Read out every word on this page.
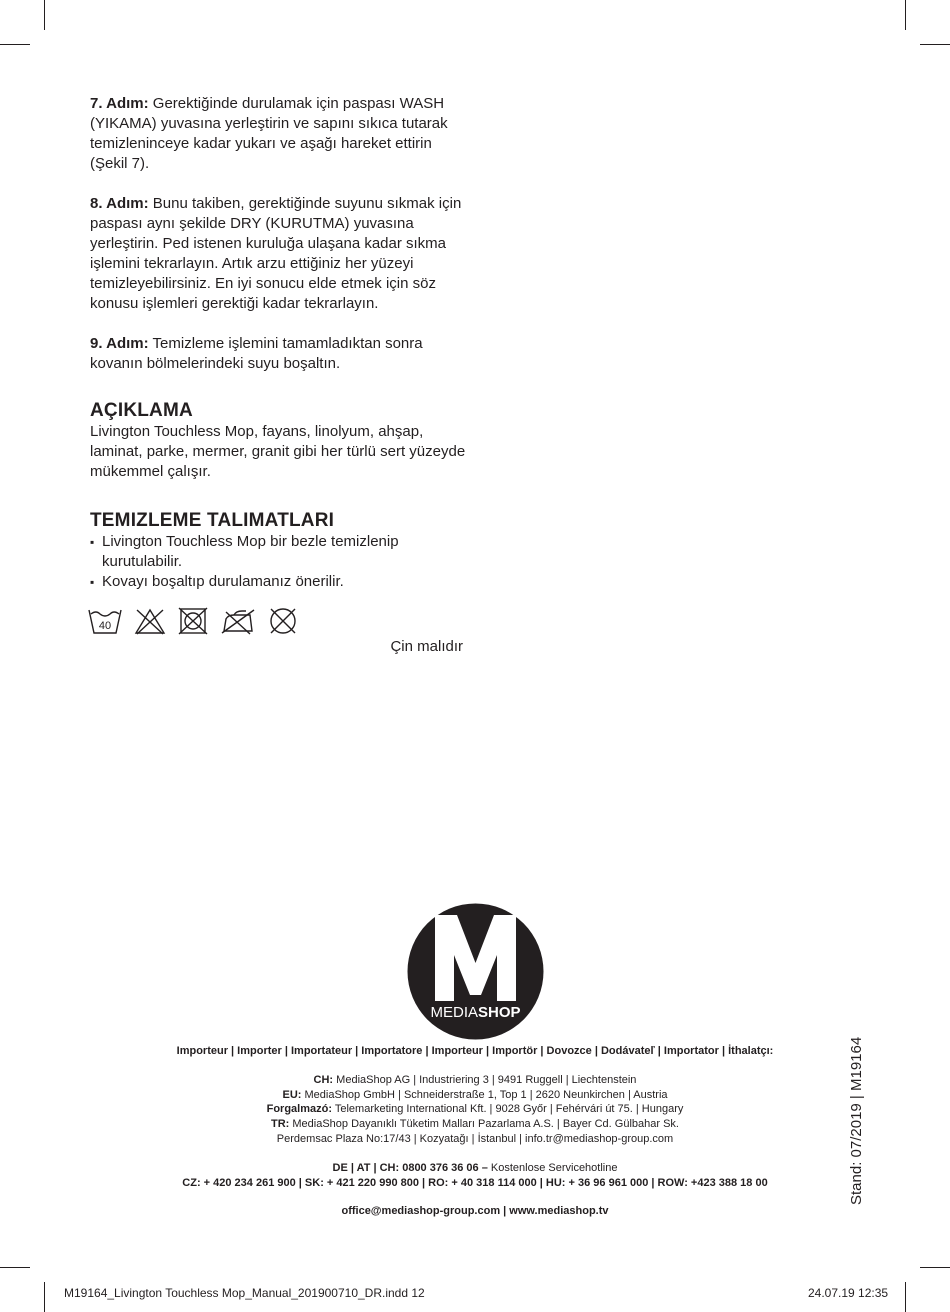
7. Adım: Gerektiğinde durulamak için paspası WASH (YIKAMA) yuvasına yerleştirin ve sapını sıkıca tutarak temizleninceye kadar yukarı ve aşağı hareket ettirin (Şekil 7).

8. Adım: Bunu takiben, gerektiğinde suyunu sıkmak için paspası aynı şekilde DRY (KURUTMA) yuvasına yerleştirin. Ped istenen kuruluğa ulaşana kadar sıkma işlemini tekrarlayın. Artık arzu ettiğiniz her yüzeyi temizleyebilirsiniz. En iyi sonucu elde etmek için söz konusu işlemleri gerektiği kadar tekrarlayın.

9. Adım: Temizleme işlemini tamamladıktan sonra kovanın bölmelerindeki suyu boşaltın.

AÇIKLAMA
Livington Touchless Mop, fayans, linolyum, ahşap, laminat, parke, mermer, granit gibi her türlü sert yüzeyde mükemmel çalışır.
TEMIZLEME TALIMATLARI
▪ Livington Touchless Mop bir bezle temizlenip kurutulabilir.
▪ Kovayı boşaltıp durulamanız önerilir.
40
Çin malıdır
MEDIASHOP
Stand: 07/2019 | M19164
Importeur | Importer | Importateur | Importatore | Importeur | Importör | Dovozce | Dodávateľ | Importator | İthalatçı:
CH: MediaShop AG | Industriering 3 | 9491 Ruggell | Liechtenstein
EU: MediaShop GmbH | Schneiderstraße 1, Top 1 | 2620 Neunkirchen | Austria
Forgalmazó: Telemarketing International Kft. | 9028 Győr | Fehérvári út 75. | Hungary
TR: MediaShop Dayanıklı Tüketim Malları Pazarlama A.S. | Bayer Cd. Gülbahar Sk.
Perdemsac Plaza No:17/43 | Kozyatağı | İstanbul | info.tr@mediashop-group.com
DE | AT | CH: 0800 376 36 06 – Kostenlose Servicehotline
CZ: + 420 234 261 900 | SK: + 421 220 990 800 | RO: + 40 318 114 000 | HU: + 36 96 961 000 | ROW: +423 388 18 00
office@mediashop-group.com | www.mediashop.tv
M19164_Livington Touchless Mop_Manual_201900710_DR.indd 12	24.07.19 12:35
